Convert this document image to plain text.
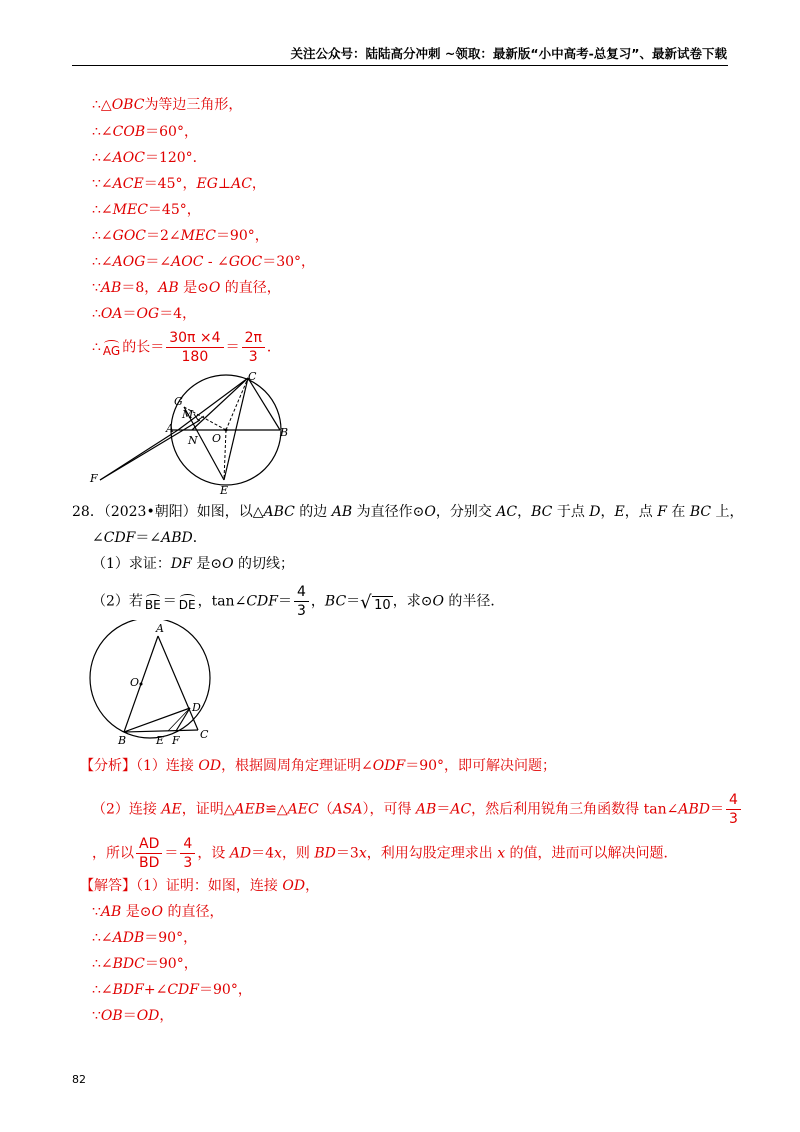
关注公众号：陆陆高分冲刺 ~领取：最新版“小中高考-总复习”、最新试卷下载
∴△OBC为等边三角形，
∴∠COB＝60°，
∴∠AOC＝120°．
∵∠ACE＝45°，EG⊥AC，
∴∠MEC＝45°，
∴∠GOC＝2∠MEC＝90°，
∴∠AOG＝∠AOC - ∠GOC＝30°，
∵AB＝8，AB 是⊙O 的直径，
∴OA＝OG＝4，
∴ AG 的长＝ $\frac{30\pi \times 4}{180} = \frac{2\pi}{3}$ ．
C
G
M
A
N O	B
F
E
28．（2023•朝阳）如图，以△ABC 的边 AB 为直径作⊙O，分别交 AC，BC 于点 D，E，点 F 在 BC 上，
∠CDF＝∠ABD．
（1）求证：DF 是⊙O 的切线；
（2）若 BE ＝ DE ，tan∠CDF＝ $\frac{4}{3}$ ，BC＝ √ 10 ，求⊙O 的半径．
A
O
D
B	E F C
【分析】（1）连接 OD，根据圆周角定理证明∠ODF＝90°，即可解决问题；
（2）连接 AE，证明△AEB≌△AEC（ASA），可得 AB＝AC，然后利用锐角三角函数得 tan∠ABD＝ $\frac{4}{3}$
，所以 $\frac{AD}{BD} = \frac{4}{3}$ ，设 AD＝4x，则 BD＝3x，利用勾股定理求出 x 的值，进而可以解决问题．
【解答】（1）证明：如图，连接 OD，
∵AB 是⊙O 的直径，
∴∠ADB＝90°，
∴∠BDC＝90°，
∴∠BDF+∠CDF＝90°，
∵OB＝OD，
82
